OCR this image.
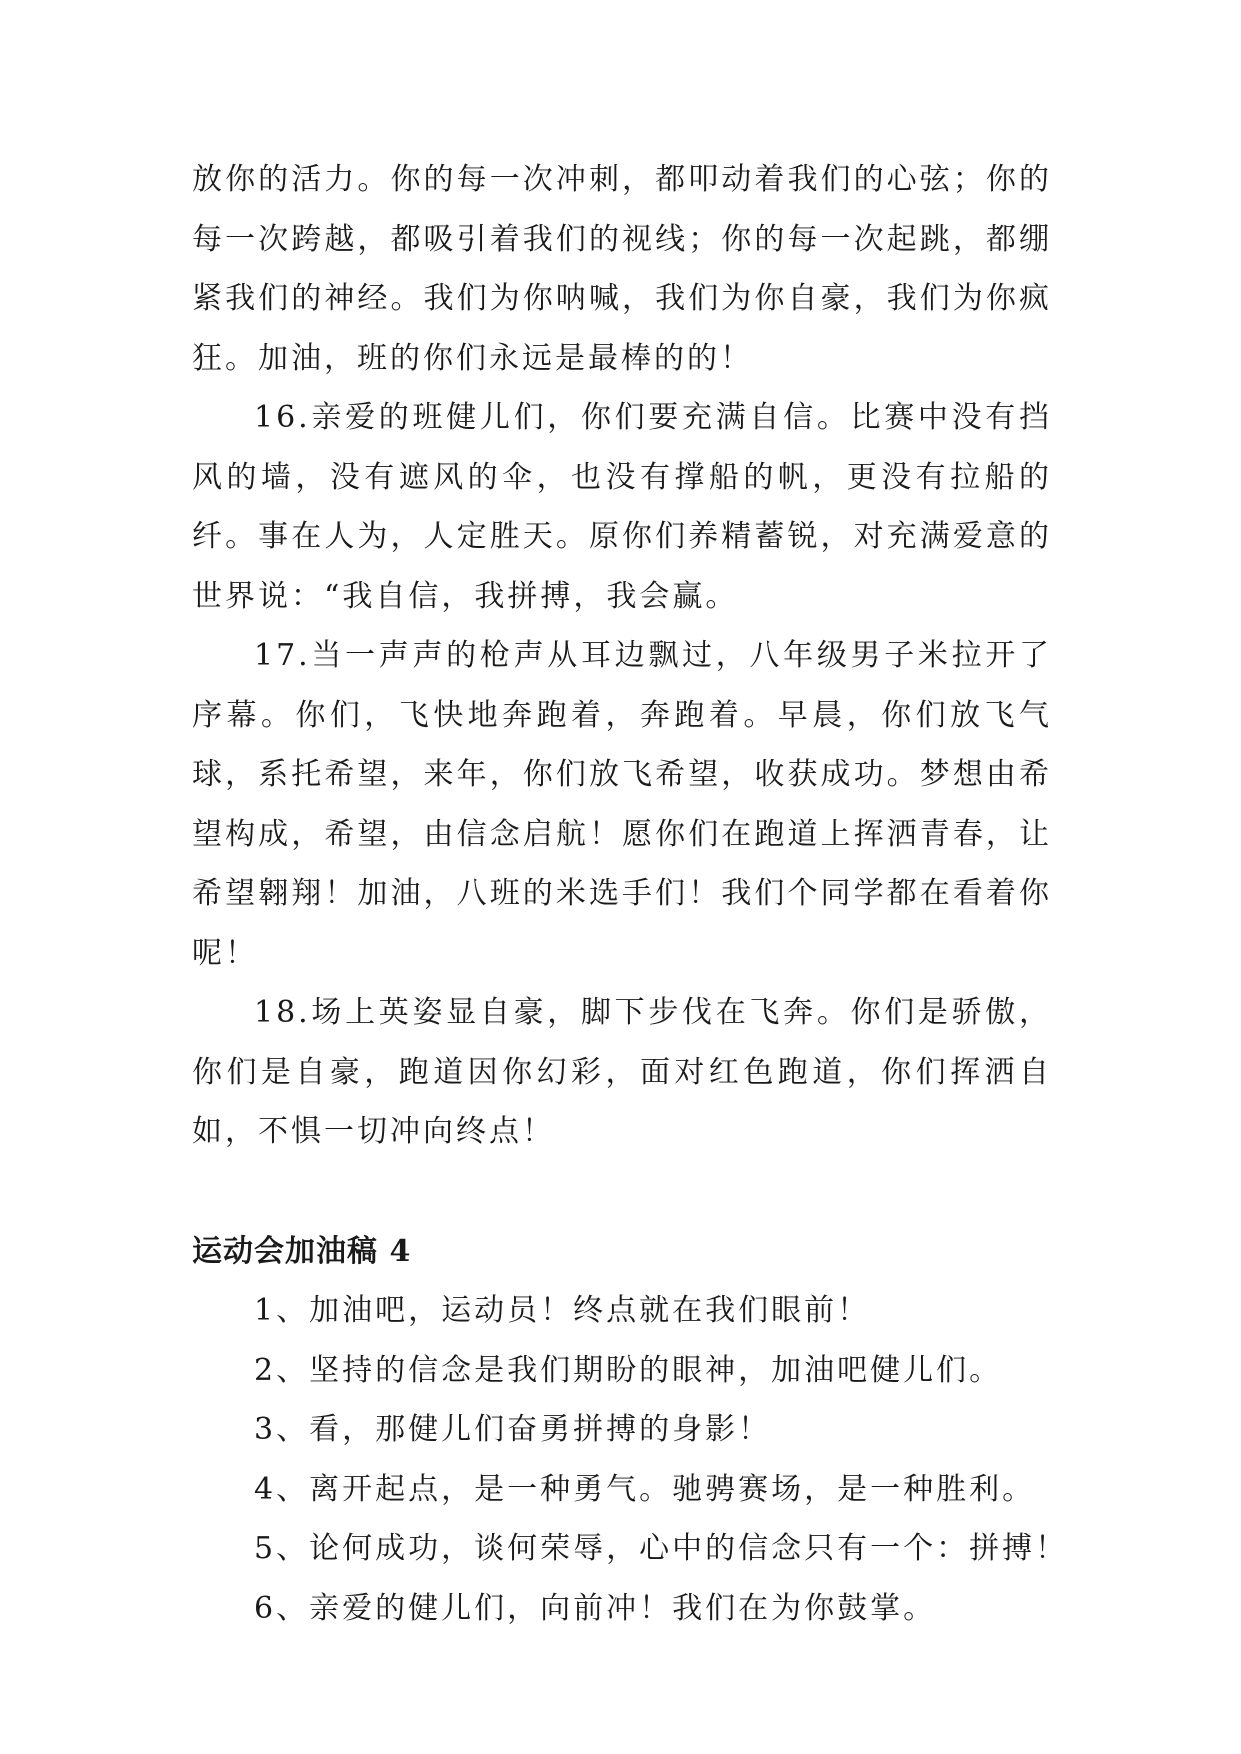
放你的活力。你的每一次冲刺，都叩动着我们的心弦；你的每一次跨越，都吸引着我们的视线；你的每一次起跳，都绷紧我们的神经。我们为你呐喊，我们为你自豪，我们为你疯狂。加油，班的你们永远是最棒的的！

16.亲爱的班健儿们，你们要充满自信。比赛中没有挡风的墙，没有遮风的伞，也没有撑船的帆，更没有拉船的纤。事在人为，人定胜天。原你们养精蓄锐，对充满爱意的世界说：“我自信，我拼搏，我会赢。

17.当一声声的枪声从耳边飘过，八年级男子米拉开了序幕。你们，飞快地奔跑着，奔跑着。早晨，你们放飞气球，系托希望，来年，你们放飞希望，收获成功。梦想由希望构成，希望，由信念启航！愿你们在跑道上挥洒青春，让希望翱翔！加油，八班的米选手们！我们个同学都在看着你呢！

18.场上英姿显自豪，脚下步伐在飞奔。你们是骄傲，你们是自豪，跑道因你幻彩，面对红色跑道，你们挥洒自如，不惧一切冲向终点！

运动会加油稿 4
1、加油吧，运动员！终点就在我们眼前！
2、坚持的信念是我们期盼的眼神，加油吧健儿们。
3、看，那健儿们奋勇拼搏的身影！
4、离开起点，是一种勇气。驰骋赛场，是一种胜利。
5、论何成功，谈何荣辱，心中的信念只有一个：拼搏！
6、亲爱的健儿们，向前冲！我们在为你鼓掌。
